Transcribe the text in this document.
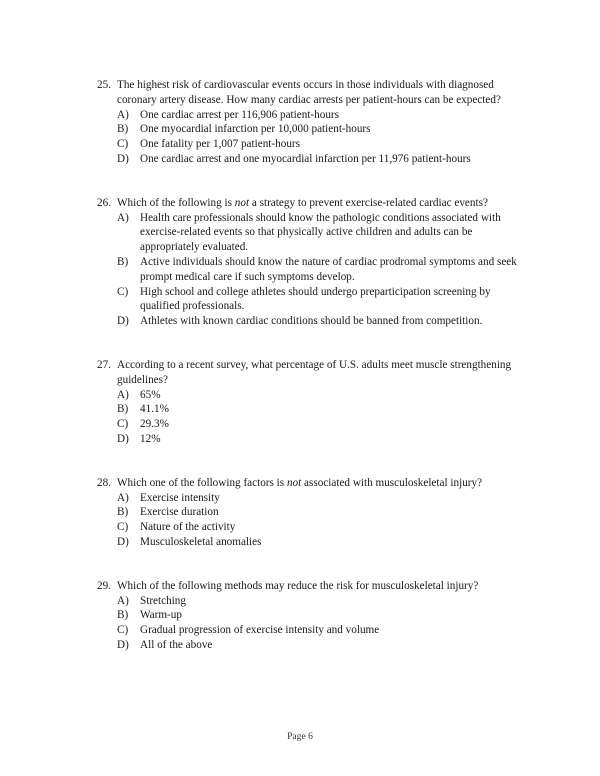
25. The highest risk of cardiovascular events occurs in those individuals with diagnosed coronary artery disease. How many cardiac arrests per patient-hours can be expected?
A) One cardiac arrest per 116,906 patient-hours
B)	One myocardial infarction per 10,000 patient-hours
C)	One fatality per 1,007 patient-hours
D) One cardiac arrest and one myocardial infarction per 11,976 patient-hours
26. Which of the following is not a strategy to prevent exercise-related cardiac events?
A) Health care professionals should know the pathologic conditions associated with exercise-related events so that physically active children and adults can be appropriately evaluated.
B)	Active individuals should know the nature of cardiac prodromal symptoms and seek prompt medical care if such symptoms develop.
C)	High school and college athletes should undergo preparticipation screening by qualified professionals.
D) Athletes with known cardiac conditions should be banned from competition.
27. According to a recent survey, what percentage of U.S. adults meet muscle strengthening guidelines?
A) 65%
B)	41.1%
C)	29.3%
D) 12%
28. Which one of the following factors is not associated with musculoskeletal injury?
A) Exercise intensity
B)	Exercise duration
C)	Nature of the activity
D) Musculoskeletal anomalies
29. Which of the following methods may reduce the risk for musculoskeletal injury?
A) Stretching
B)	Warm-up
C)	Gradual progression of exercise intensity and volume
D) All of the above
Page 6
